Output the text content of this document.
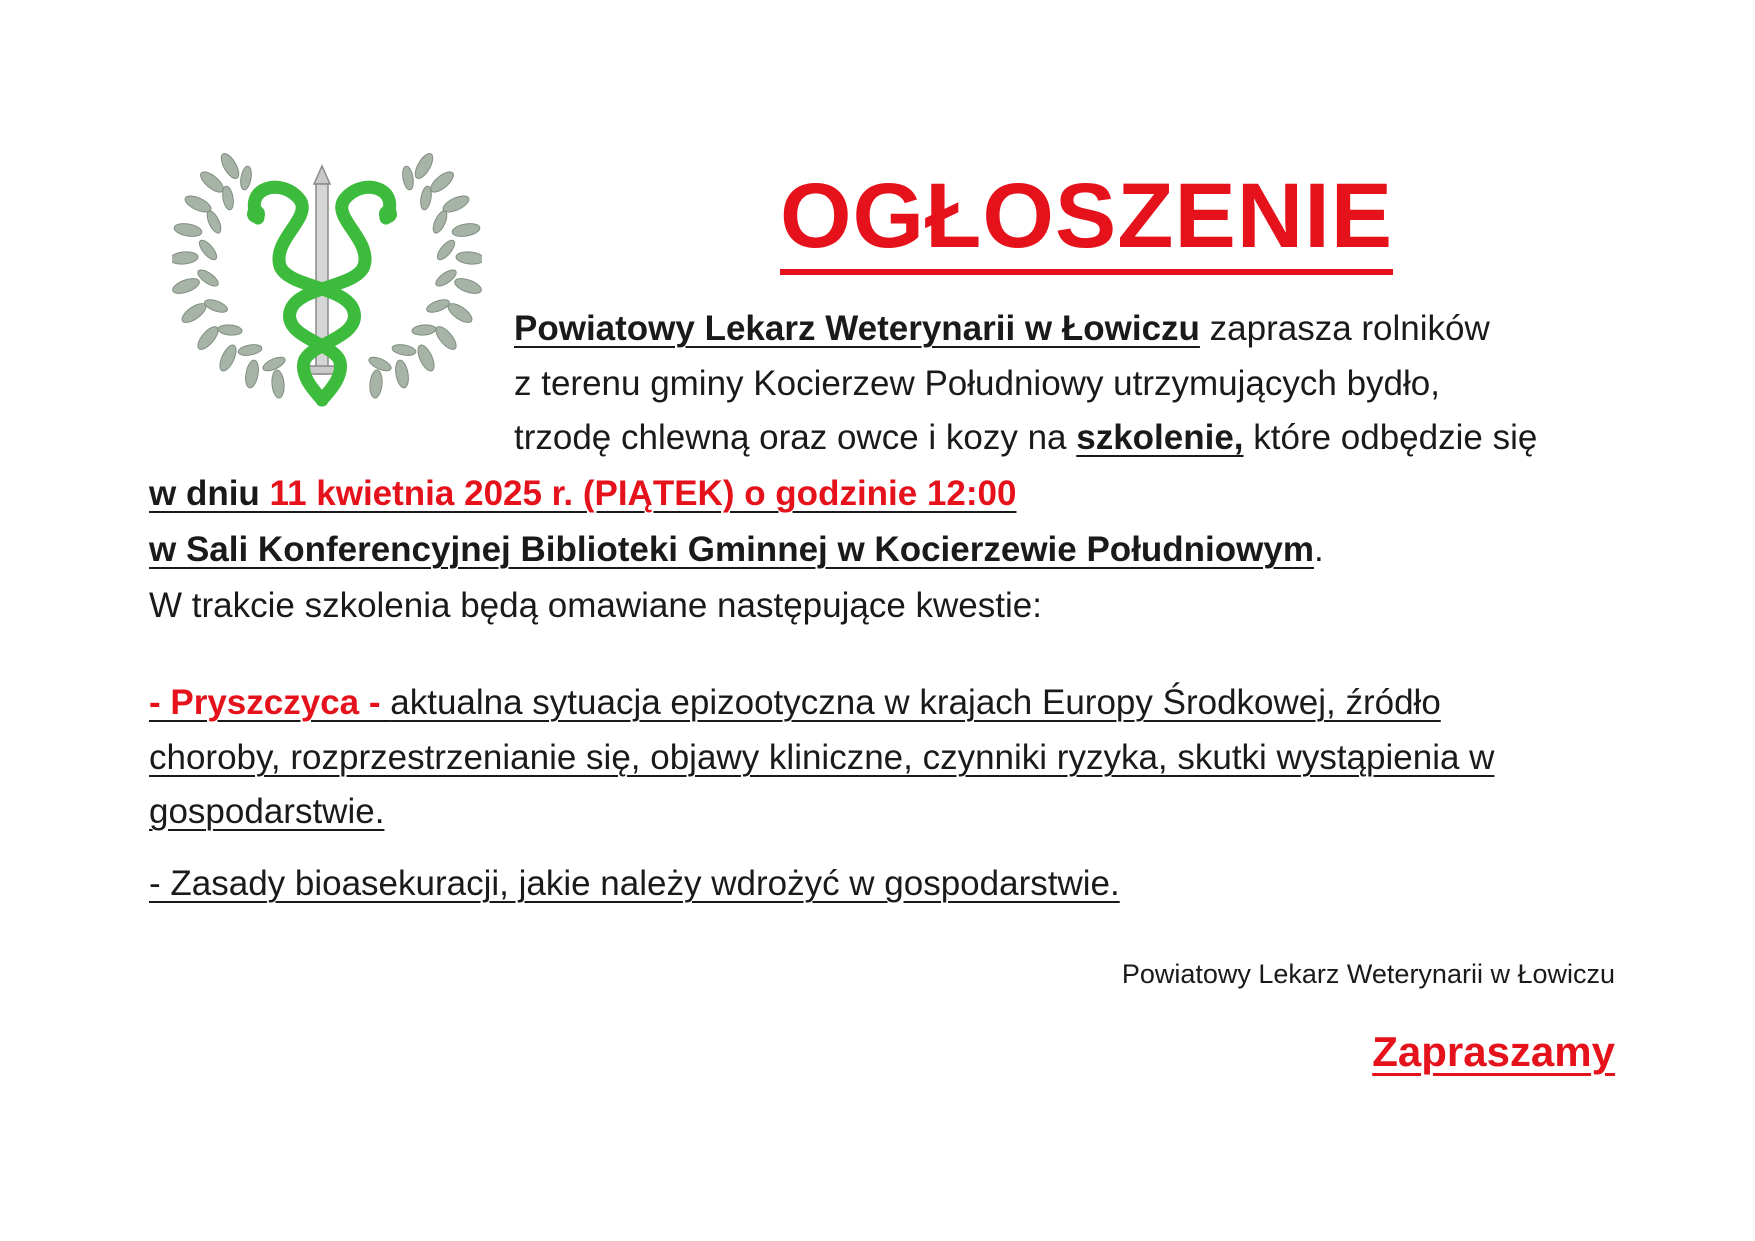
OGŁOSZENIE
Powiatowy Lekarz Weterynarii w Łowiczu zaprasza rolników
z terenu gminy Kocierzew Południowy utrzymujących bydło,
trzodę chlewną oraz owce i kozy na szkolenie, które odbędzie się
w dniu 11 kwietnia 2025 r. (PIĄTEK) o godzinie 12:00
w Sali Konferencyjnej Biblioteki Gminnej w Kocierzewie Południowym.
W trakcie szkolenia będą omawiane następujące kwestie:
- Pryszczyca - aktualna sytuacja epizootyczna w krajach Europy Środkowej, źródło
choroby, rozprzestrzenianie się, objawy kliniczne, czynniki ryzyka, skutki wystąpienia w
gospodarstwie.
- Zasady bioasekuracji, jakie należy wdrożyć w gospodarstwie.
Powiatowy Lekarz Weterynarii w Łowiczu
Zapraszamy
